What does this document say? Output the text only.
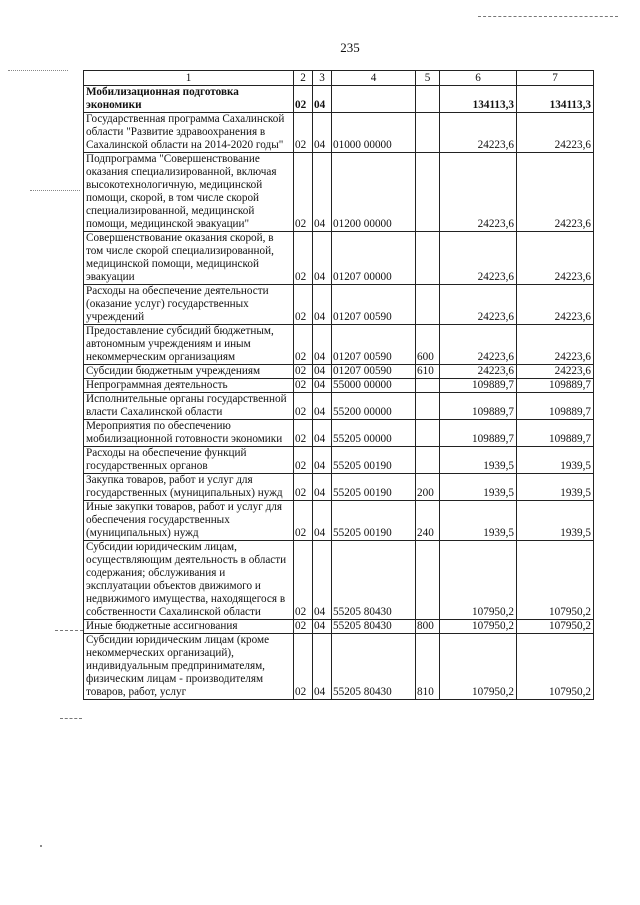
235
1	2	3	4	5	6	7
Мобилизационная подготовка экономики	02	04			134113,3	134113,3
Государственная программа Сахалинской области "Развитие здравоохранения в Сахалинской области на 2014-2020 годы"	02	04	01000 00000		24223,6	24223,6
Подпрограмма "Совершенствование оказания специализированной, включая высокотехнологичную, медицинской помощи, скорой, в том числе скорой специализированной, медицинской помощи, медицинской эвакуации"	02	04	01200 00000		24223,6	24223,6
Совершенствование оказания скорой, в том числе скорой специализированной, медицинской помощи, медицинской эвакуации	02	04	01207 00000		24223,6	24223,6
Расходы на обеспечение деятельности (оказание услуг) государственных учреждений	02	04	01207 00590		24223,6	24223,6
Предоставление субсидий бюджетным, автономным учреждениям и иным некоммерческим организациям	02	04	01207 00590	600	24223,6	24223,6
Субсидии бюджетным учреждениям	02	04	01207 00590	610	24223,6	24223,6
Непрограммная деятельность	02	04	55000 00000		109889,7	109889,7
Исполнительные органы государственной власти Сахалинской области	02	04	55200 00000		109889,7	109889,7
Мероприятия по обеспечению мобилизационной готовности экономики	02	04	55205 00000		109889,7	109889,7
Расходы на обеспечение функций государственных органов	02	04	55205 00190		1939,5	1939,5
Закупка товаров, работ и услуг для государственных (муниципальных) нужд	02	04	55205 00190	200	1939,5	1939,5
Иные закупки товаров, работ и услуг для обеспечения государственных (муниципальных) нужд	02	04	55205 00190	240	1939,5	1939,5
Субсидии юридическим лицам, осуществляющим деятельность в области содержания; обслуживания и эксплуатации объектов движимого и недвижимого имущества, находящегося в собственности Сахалинской области	02	04	55205 80430		107950,2	107950,2
Иные бюджетные ассигнования	02	04	55205 80430	800	107950,2	107950,2
Субсидии юридическим лицам (кроме некоммерческих организаций), индивидуальным предпринимателям, физическим лицам - производителям товаров, работ, услуг	02	04	55205 80430	810	107950,2	107950,2
